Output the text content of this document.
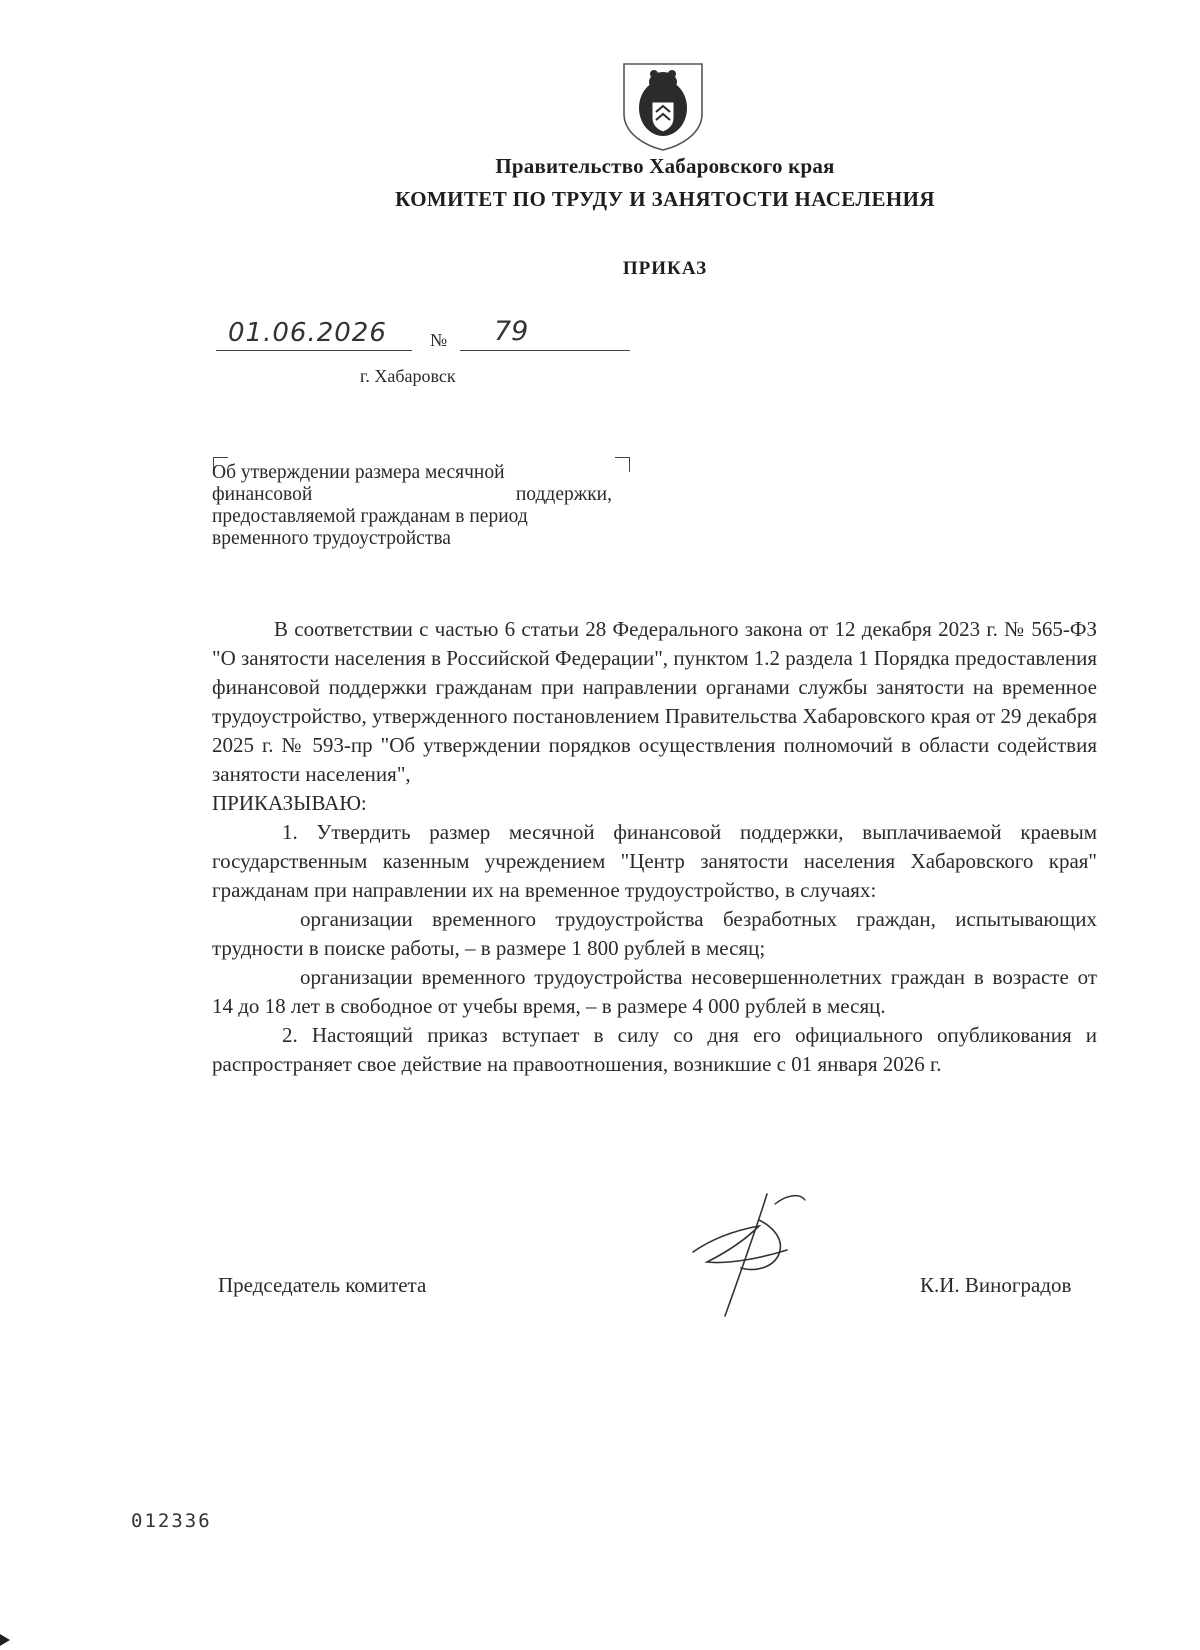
Правительство Хабаровского края
КОМИТЕТ ПО ТРУДУ И ЗАНЯТОСТИ НАСЕЛЕНИЯ
ПРИКАЗ
01.06.2026 № 79
г. Хабаровск
Об утверждении размера месячной
финансовой	поддержки,
предоставляемой гражданам в период
временного трудоустройства

В соответствии с частью 6 статьи 28 Федерального закона от 12 декабря 2023 г. № 565-ФЗ "О занятости населения в Российской Федерации", пунктом 1.2 раздела 1 Порядка предоставления финансовой поддержки гражданам при направлении органами службы занятости на временное трудоустройство, утвержденного постановлением Правительства Хабаровского края от 29 декабря 2025 г. № 593-пр "Об утверждении порядков осуществления полномочий в области содействия занятости населения",

ПРИКАЗЫВАЮ:

1. Утвердить размер месячной финансовой поддержки, выплачиваемой краевым государственным казенным учреждением "Центр занятости населения Хабаровского края" гражданам при направлении их на временное трудоустройство, в случаях:

организации временного трудоустройства безработных граждан, испытывающих трудности в поиске работы, – в размере 1 800 рублей в месяц;

организации временного трудоустройства несовершеннолетних граждан в возрасте от 14 до 18 лет в свободное от учебы время, – в размере 4 000 рублей в месяц.

2. Настоящий приказ вступает в силу со дня его официального опубликования и распространяет свое действие на правоотношения, возникшие с 01 января 2026 г.

Председатель комитета	К.И. Виноградов
012336
